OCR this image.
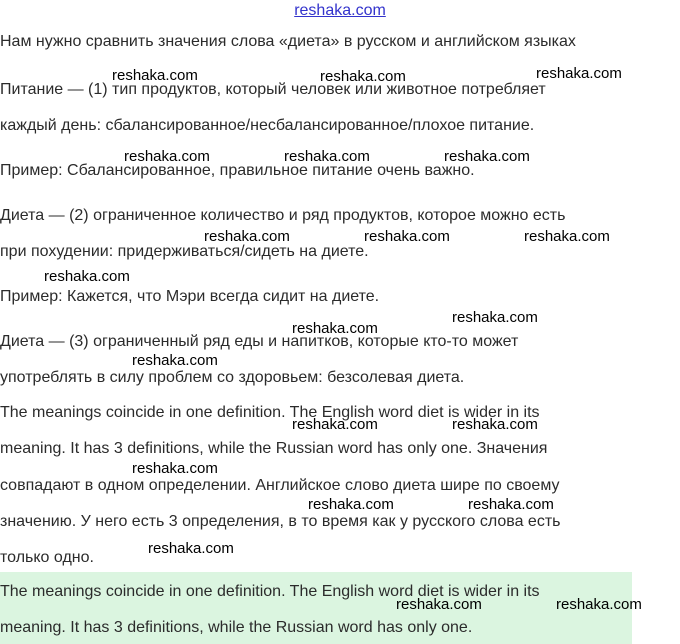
reshaka.com
Нам нужно сравнить значения слова «диета» в русском и английском языках
Питание — (1) тип продуктов, который человек или животное потребляет
каждый день: сбалансированное/несбалансированное/плохое питание.
Пример: Сбалансированное, правильное питание очень важно.
Диета — (2) ограниченное количество и ряд продуктов, которое можно есть
при похудении: придерживаться/сидеть на диете.
Пример: Кажется, что Мэри всегда сидит на диете.
Диета — (3) ограниченный ряд еды и напитков, которые кто-то может
употреблять в силу проблем со здоровьем: безсолевая диета.
The meanings coincide in one definition. The English word diet is wider in its
meaning. It has 3 definitions, while the Russian word has only one. Значения
совпадают в одном определении. Английское слово диета шире по своему
значению. У него есть 3 определения, в то время как у русского слова есть
только одно.
The meanings coincide in one definition. The English word diet is wider in its
meaning. It has 3 definitions, while the Russian word has only one.
reshaka.com	reshaka.com	reshaka.com
reshaka.com	reshaka.com	reshaka.com
reshaka.com	reshaka.com	reshaka.com
reshaka.com
reshaka.com
reshaka.com
reshaka.com
reshaka.com	reshaka.com
reshaka.com
reshaka.com	reshaka.com
reshaka.com
reshaka.com	reshaka.com
